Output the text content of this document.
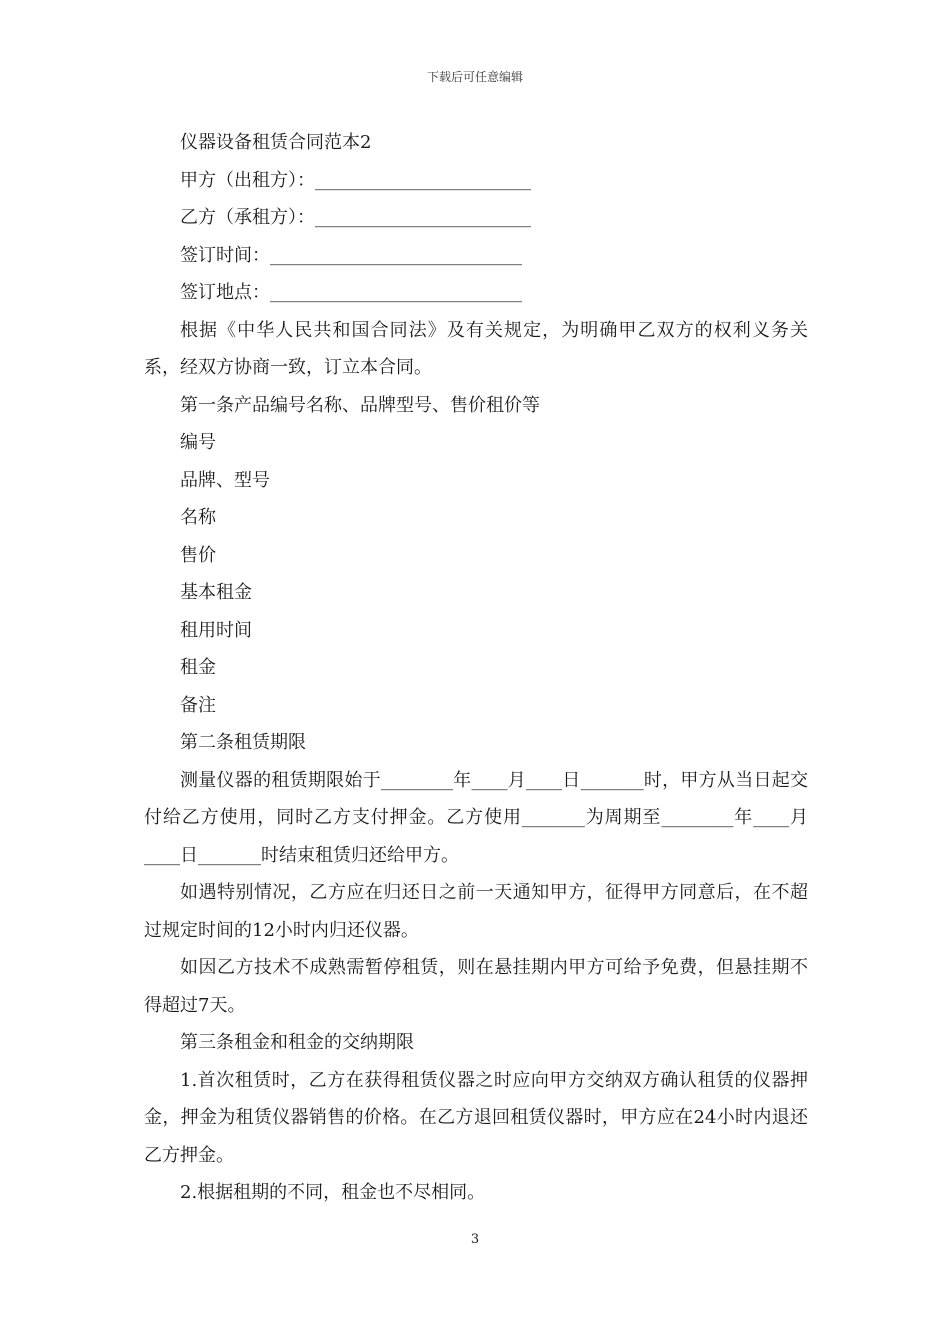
下载后可任意编辑

仪器设备租赁合同范本2

甲方（出租方）：________________________

乙方（承租方）：________________________

签订时间：____________________________

签订地点：____________________________

根据《中华人民共和国合同法》及有关规定，为明确甲乙双方的权利义务关系，经双方协商一致，订立本合同。

第一条产品编号名称、品牌型号、售价租价等

编号

品牌、型号

名称

售价

基本租金

租用时间

租金

备注

第二条租赁期限

测量仪器的租赁期限始于________年____月____日_______时，甲方从当日起交付给乙方使用，同时乙方支付押金。乙方使用_______为周期至________年____月____日_______时结束租赁归还给甲方。

如遇特别情况，乙方应在归还日之前一天通知甲方，征得甲方同意后，在不超过规定时间的12小时内归还仪器。

如因乙方技术不成熟需暂停租赁，则在悬挂期内甲方可给予免费，但悬挂期不得超过7天。

第三条租金和租金的交纳期限

1.首次租赁时，乙方在获得租赁仪器之时应向甲方交纳双方确认租赁的仪器押金，押金为租赁仪器销售的价格。在乙方退回租赁仪器时，甲方应在24小时内退还乙方押金。

2.根据租期的不同，租金也不尽相同。

3
